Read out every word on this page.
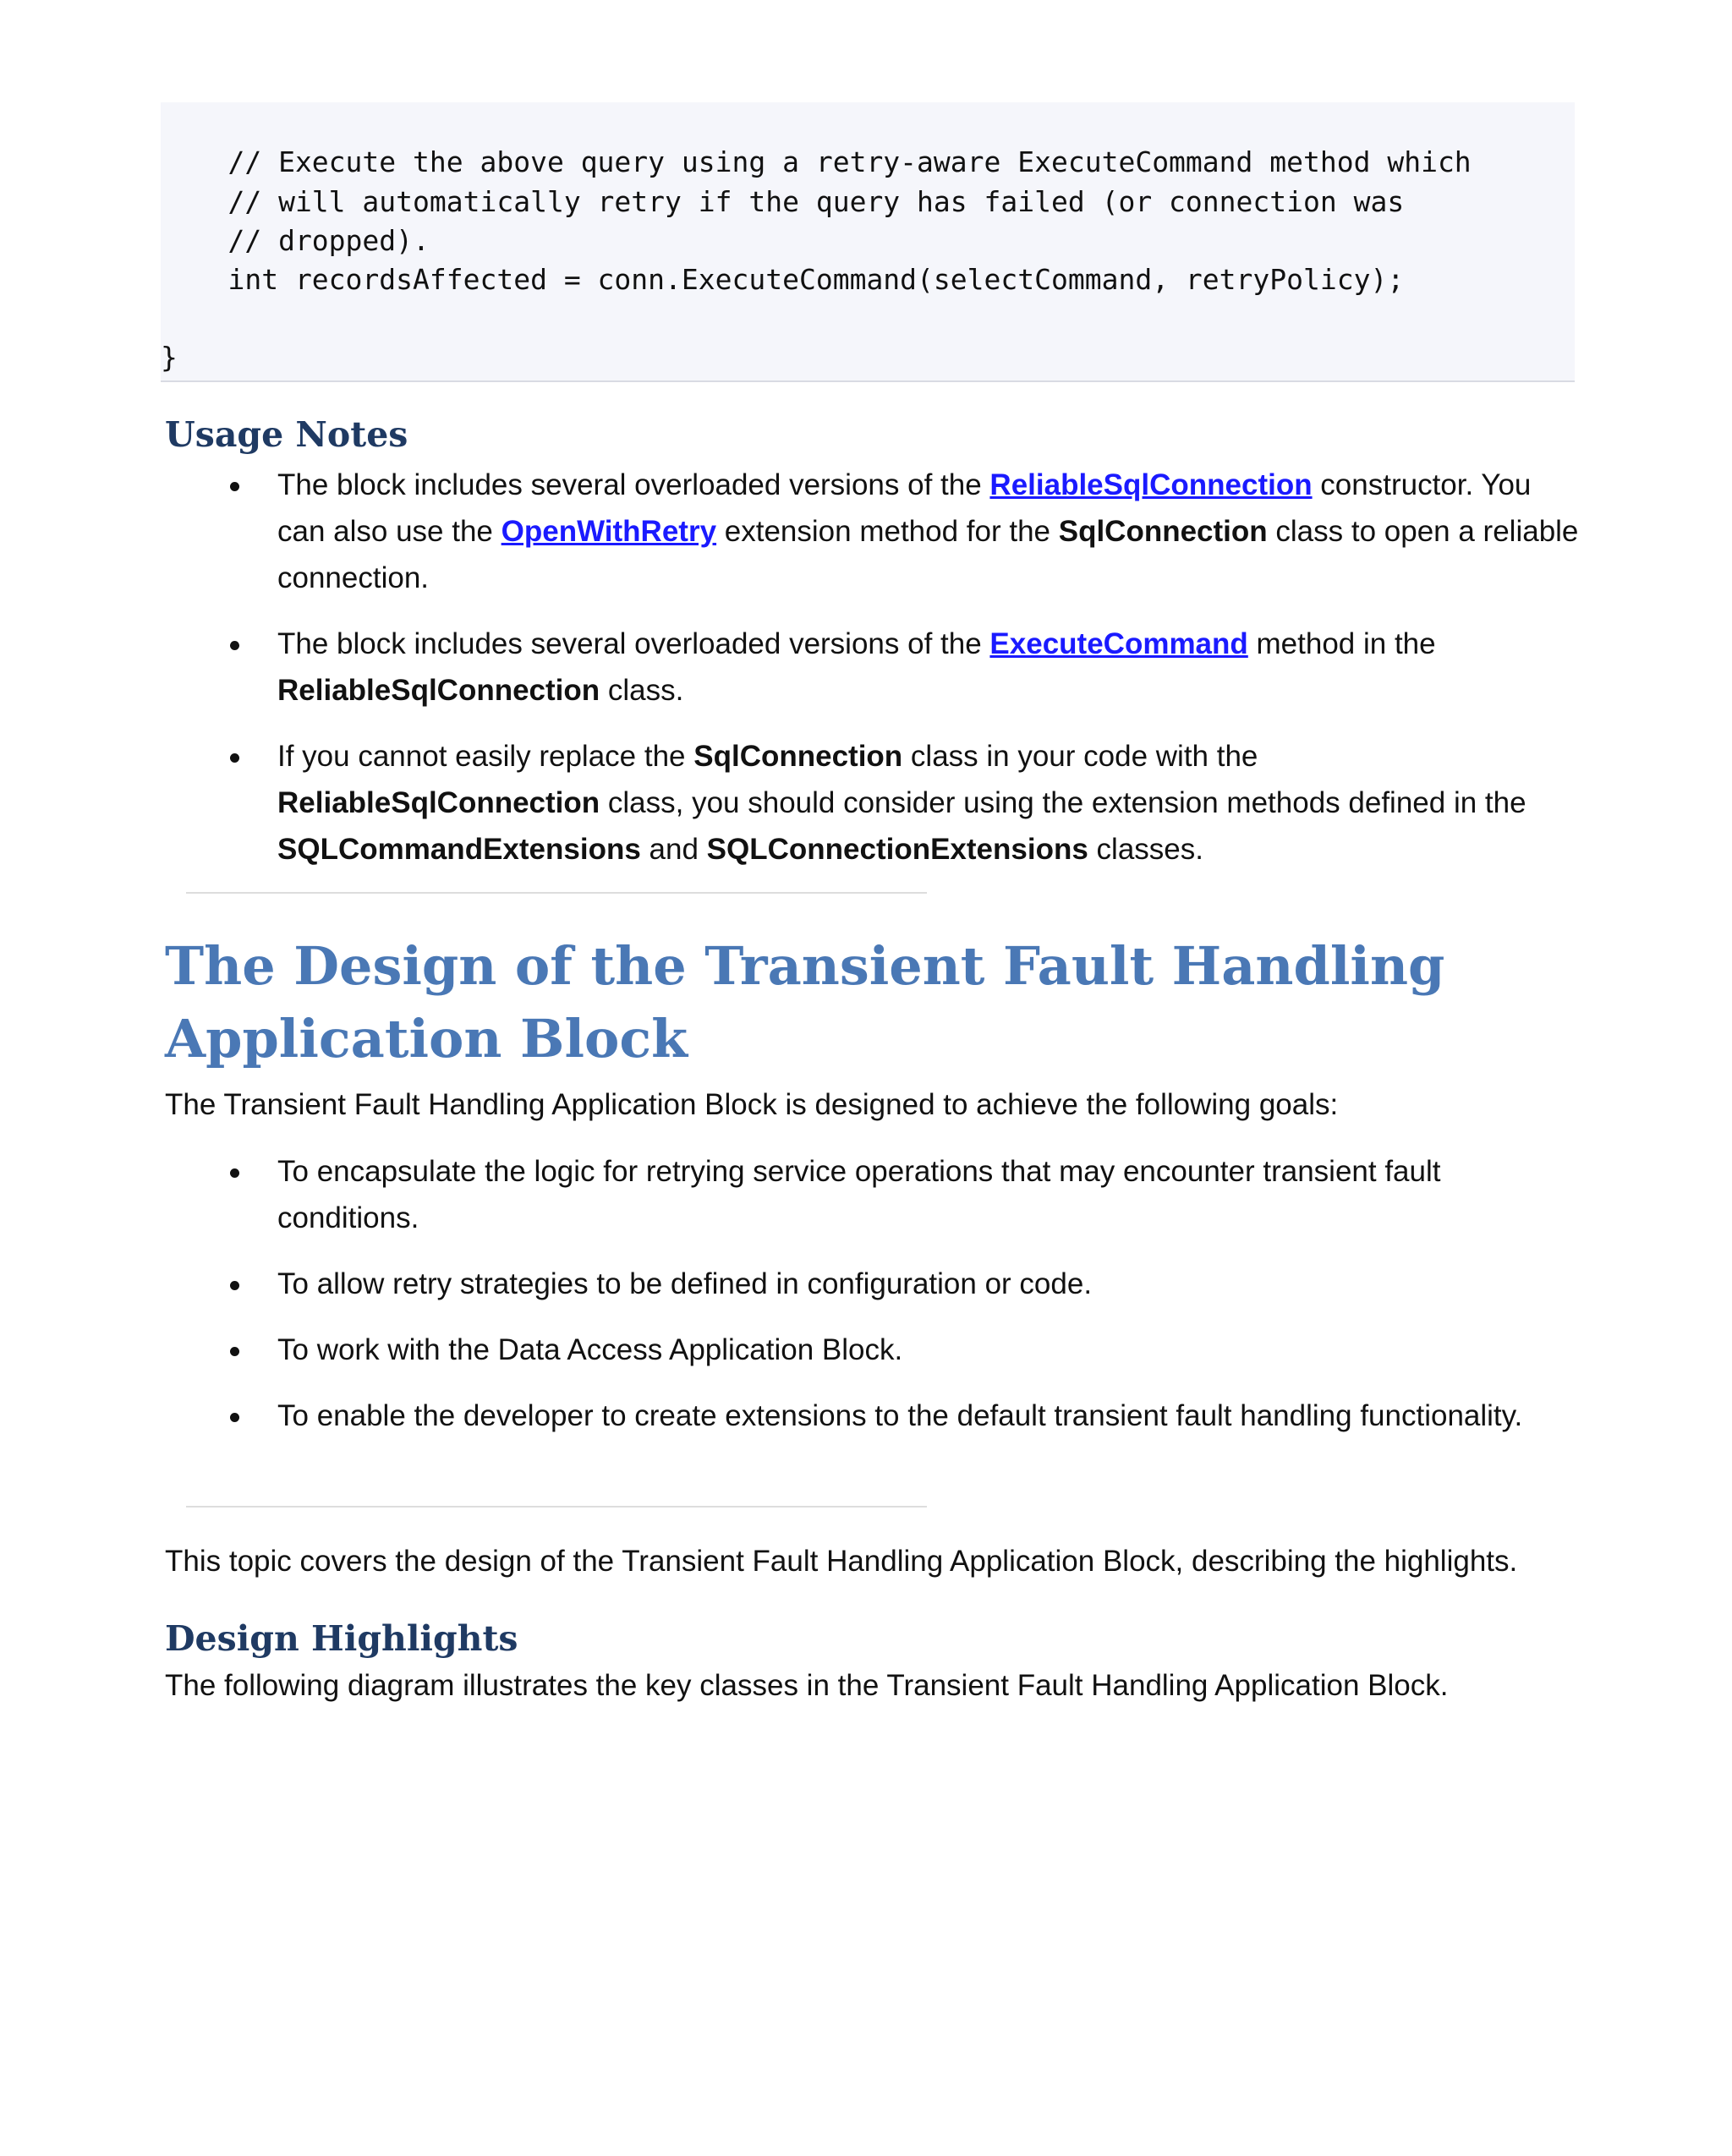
// Execute the above query using a retry-aware ExecuteCommand method which
// will automatically retry if the query has failed (or connection was
// dropped).
int recordsAffected = conn.ExecuteCommand(selectCommand, retryPolicy);
}
Usage Notes
The block includes several overloaded versions of the ReliableSqlConnection constructor. You can also use the OpenWithRetry extension method for the SqlConnection class to open a reliable connection.
The block includes several overloaded versions of the ExecuteCommand method in the ReliableSqlConnection class.
If you cannot easily replace the SqlConnection class in your code with the ReliableSqlConnection class, you should consider using the extension methods defined in the SQLCommandExtensions and SQLConnectionExtensions classes.
The Design of the Transient Fault Handling Application Block

The Transient Fault Handling Application Block is designed to achieve the following goals:

To encapsulate the logic for retrying service operations that may encounter transient fault conditions.
To allow retry strategies to be defined in configuration or code.
To work with the Data Access Application Block.
To enable the developer to create extensions to the default transient fault handling functionality.

This topic covers the design of the Transient Fault Handling Application Block, describing the highlights.

Design Highlights

The following diagram illustrates the key classes in the Transient Fault Handling Application Block.
